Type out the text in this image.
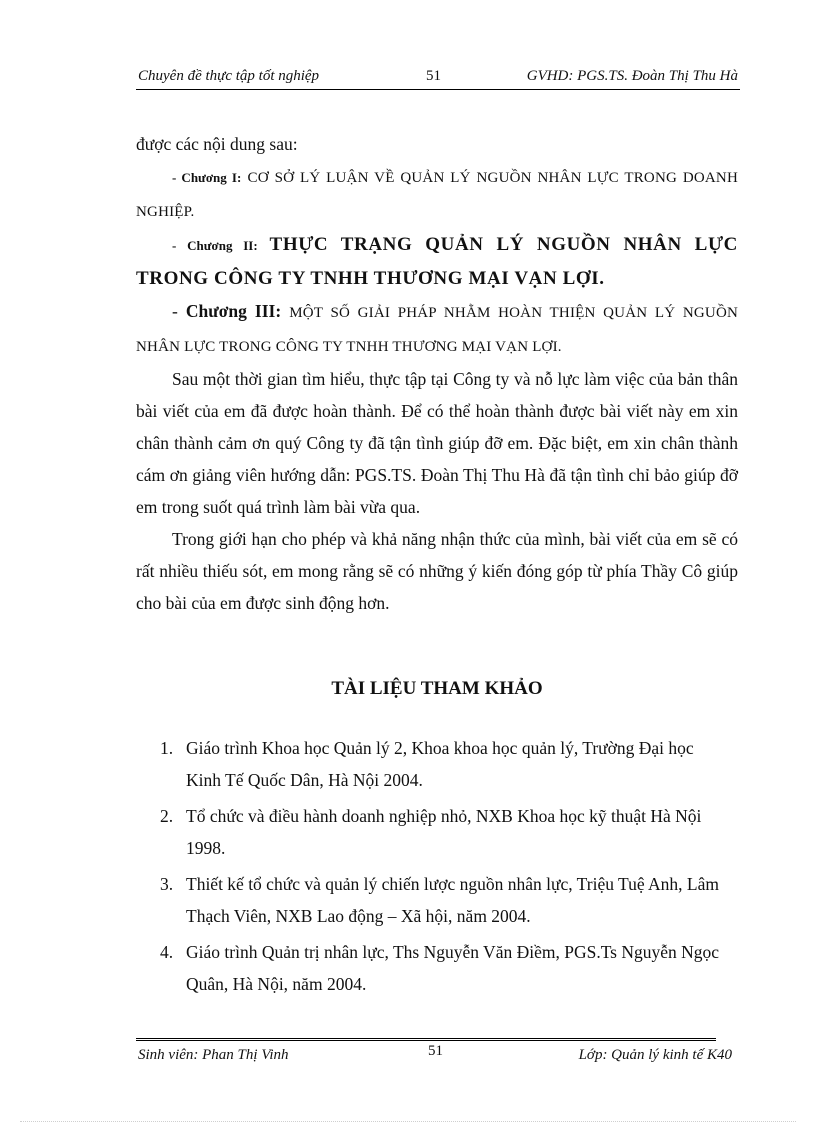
Chuyên đề thực tập tốt nghiệp	51	GVHD: PGS.TS. Đoàn Thị Thu Hà

được các nội dung sau:

- Chương I: CƠ SỞ LÝ LUẬN VỀ QUẢN LÝ NGUỒN NHÂN LỰC TRONG DOANH NGHIỆP.

- Chương II: THỰC TRẠNG QUẢN LÝ NGUỒN NHÂN LỰC TRONG CÔNG TY TNHH THƯƠNG MẠI VẠN LỢI.

- Chương III: MỘT SỐ GIẢI PHÁP NHẰM HOÀN THIỆN QUẢN LÝ NGUỒN NHÂN LỰC TRONG CÔNG TY TNHH THƯƠNG MẠI VẠN LỢI.

Sau một thời gian tìm hiểu, thực tập tại Công ty và nỗ lực làm việc của bản thân bài viết của em đã được hoàn thành. Để có thể hoàn thành được bài viết này em xin chân thành cảm ơn quý Công ty đã tận tình giúp đỡ em. Đặc biệt, em xin chân thành cám ơn giảng viên hướng dẫn: PGS.TS. Đoàn Thị Thu Hà đã tận tình chỉ bảo giúp đỡ em trong suốt quá trình làm bài vừa qua.

Trong giới hạn cho phép và khả năng nhận thức của mình, bài viết của em sẽ có rất nhiều thiếu sót, em mong rằng sẽ có những ý kiến đóng góp từ phía Thầy Cô giúp cho bài của em được sinh động hơn.

TÀI LIỆU THAM KHẢO
1. Giáo trình Khoa học Quản lý 2, Khoa khoa học quản lý, Trường Đại học Kinh Tế Quốc Dân, Hà Nội 2004.
2. Tổ chức và điều hành doanh nghiệp nhỏ, NXB Khoa học kỹ thuật Hà Nội 1998.
3. Thiết kế tổ chức và quản lý chiến lược nguồn nhân lực, Triệu Tuệ Anh, Lâm Thạch Viên, NXB Lao động – Xã hội, năm 2004.
4. Giáo trình Quản trị nhân lực, Ths Nguyễn Văn Điềm, PGS.Ts Nguyễn Ngọc Quân, Hà Nội, năm 2004.
Sinh viên: Phan Thị Vinh	51	Lớp: Quản lý kinh tế K40
